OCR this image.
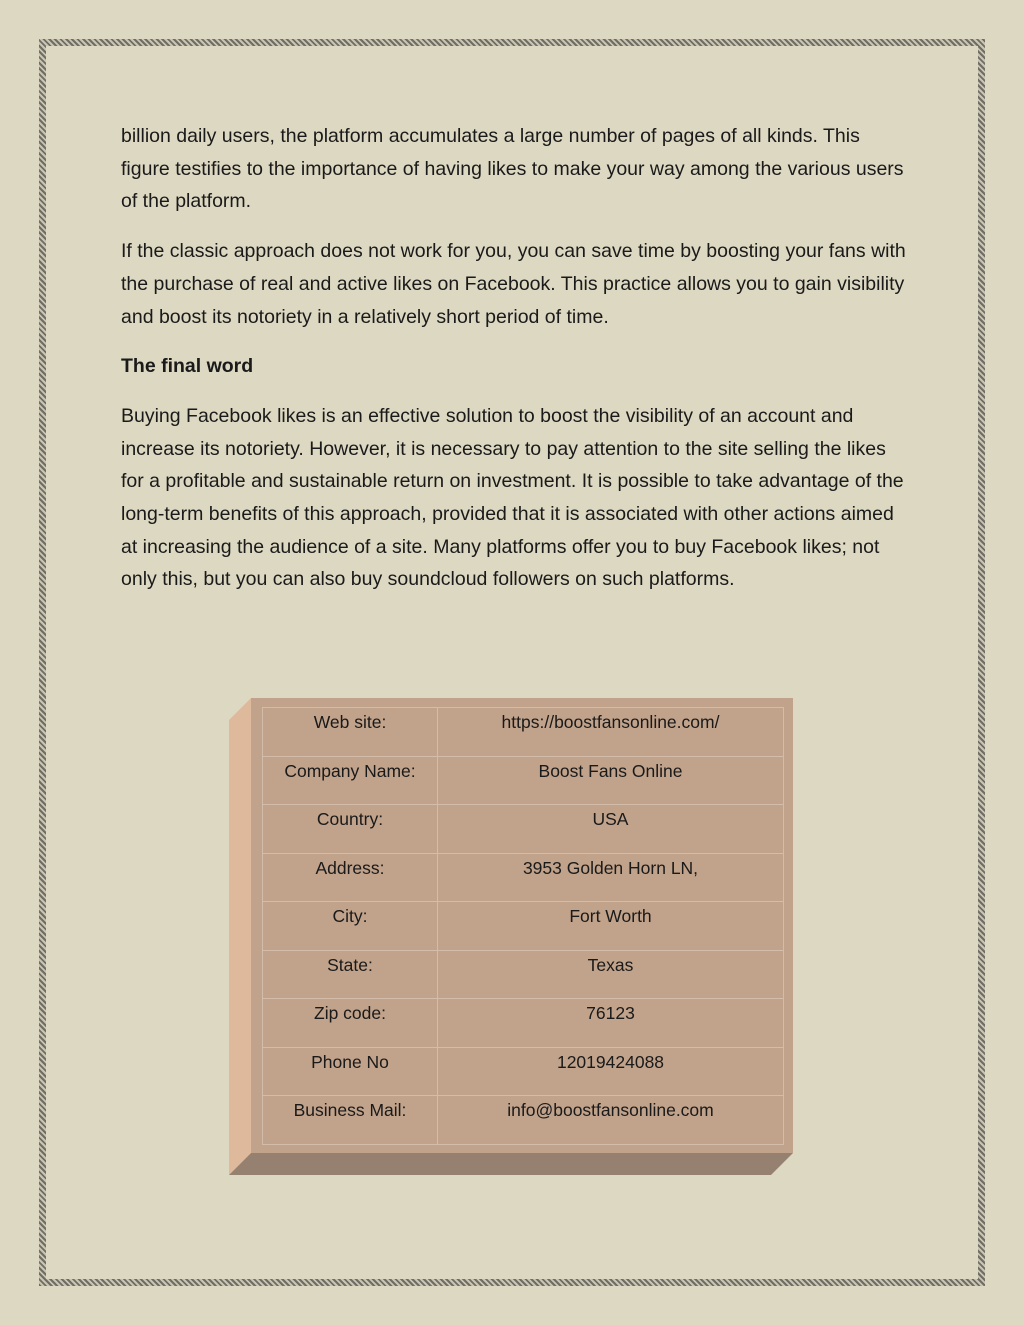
billion daily users, the platform accumulates a large number of pages of all kinds. This figure testifies to the importance of having likes to make your way among the various users of the platform.

If the classic approach does not work for you, you can save time by boosting your fans with the purchase of real and active likes on Facebook. This practice allows you to gain visibility and boost its notoriety in a relatively short period of time.

The final word

Buying Facebook likes is an effective solution to boost the visibility of an account and increase its notoriety. However, it is necessary to pay attention to the site selling the likes for a profitable and sustainable return on investment. It is possible to take advantage of the long-term benefits of this approach, provided that it is associated with other actions aimed at increasing the audience of a site. Many platforms offer you to buy Facebook likes; not only this, but you can also buy soundcloud followers on such platforms.

Web site:	https://boostfansonline.com/
Company Name:	Boost Fans Online
Country:	USA
Address:	3953 Golden Horn LN,
City:	Fort Worth
State:	Texas
Zip code:	76123
Phone No	12019424088
Business Mail:	info@boostfansonline.com
